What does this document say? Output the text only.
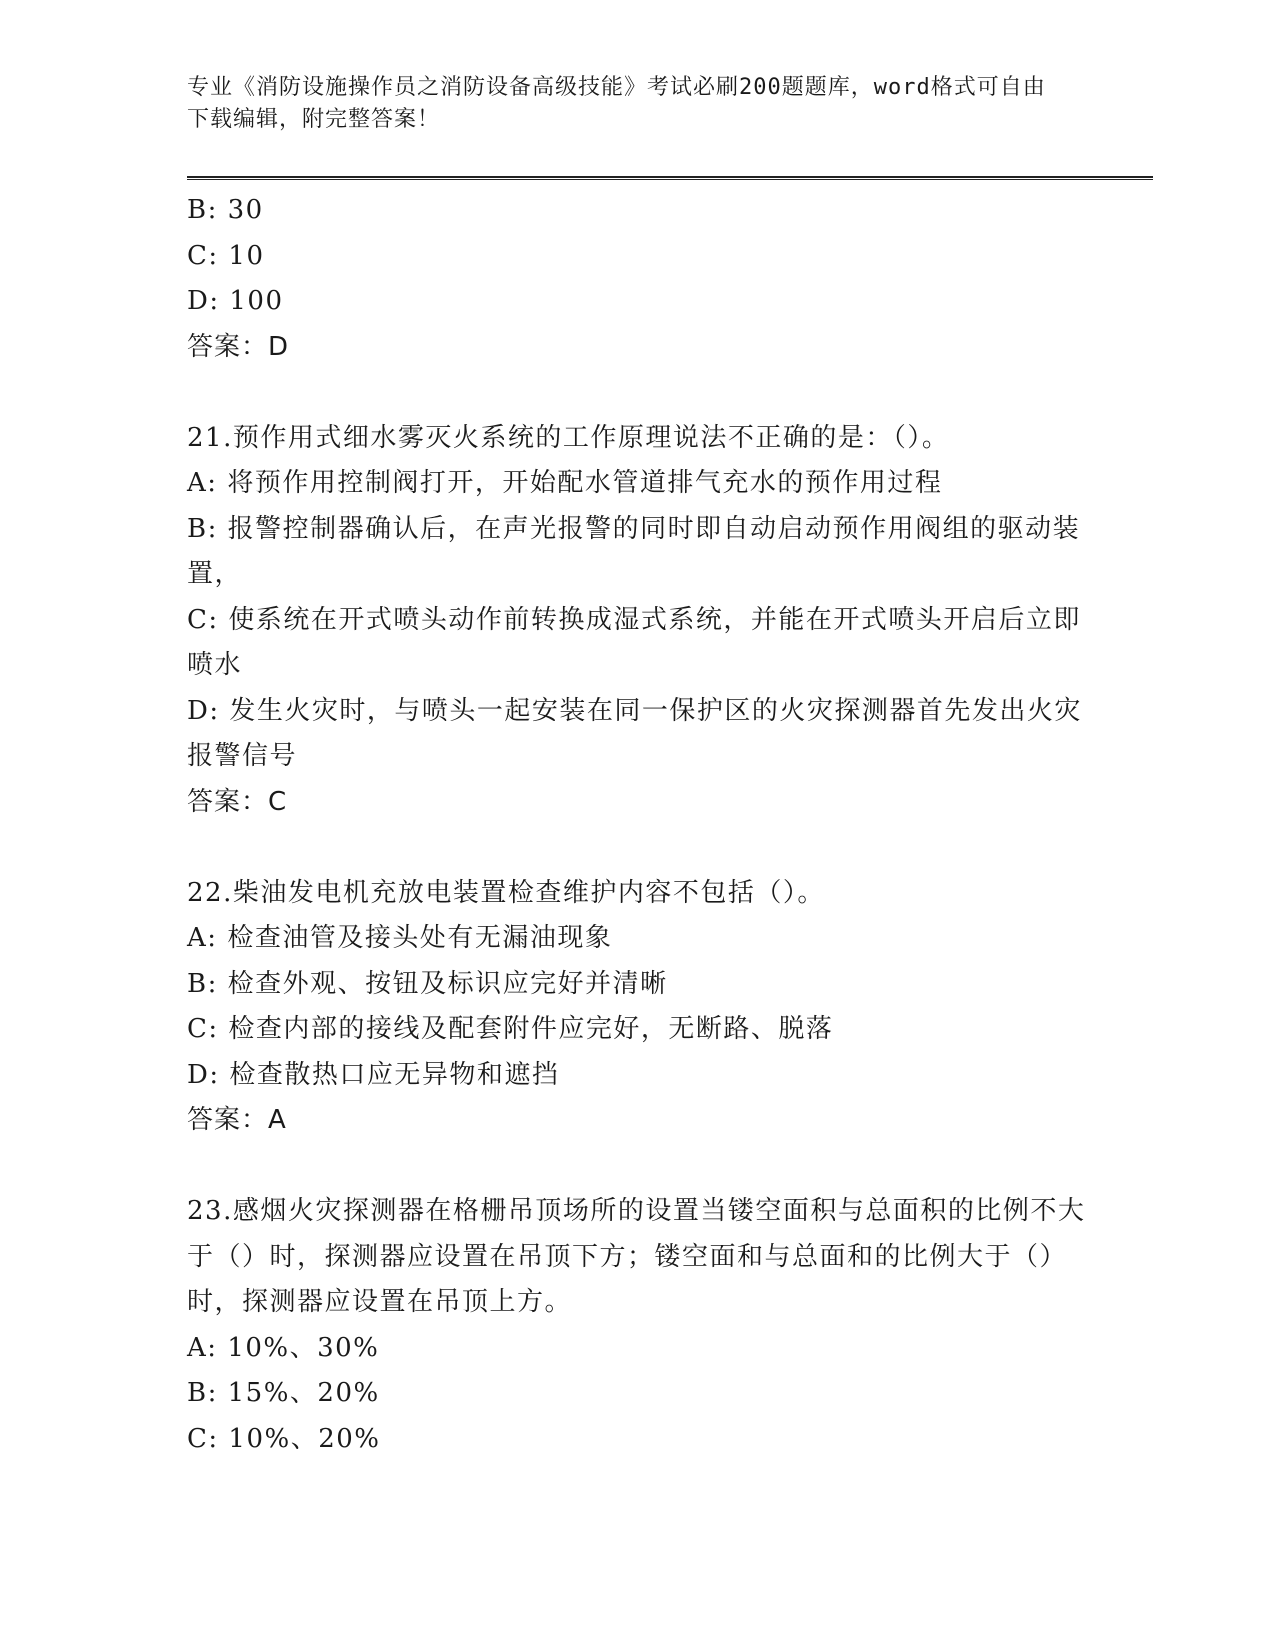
专业《消防设施操作员之消防设备高级技能》考试必刷200题题库，word格式可自由下载编辑，附完整答案！

B: 30

C: 10

D: 100

答案：D

21.预作用式细水雾灭火系统的工作原理说法不正确的是：（）。

A: 将预作用控制阀打开，开始配水管道排气充水的预作用过程

B: 报警控制器确认后，在声光报警的同时即自动启动预作用阀组的驱动装置，

C: 使系统在开式喷头动作前转换成湿式系统，并能在开式喷头开启后立即喷水

D: 发生火灾时，与喷头一起安装在同一保护区的火灾探测器首先发出火灾报警信号

答案：C

22.柴油发电机充放电装置检查维护内容不包括（）。

A: 检查油管及接头处有无漏油现象

B: 检查外观、按钮及标识应完好并清晰

C: 检查内部的接线及配套附件应完好，无断路、脱落

D: 检查散热口应无异物和遮挡

答案：A

23.感烟火灾探测器在格栅吊顶场所的设置当镂空面积与总面积的比例不大于（）时，探测器应设置在吊顶下方；镂空面和与总面和的比例大于（）时，探测器应设置在吊顶上方。

A: 10%、30%

B: 15%、20%

C: 10%、20%
